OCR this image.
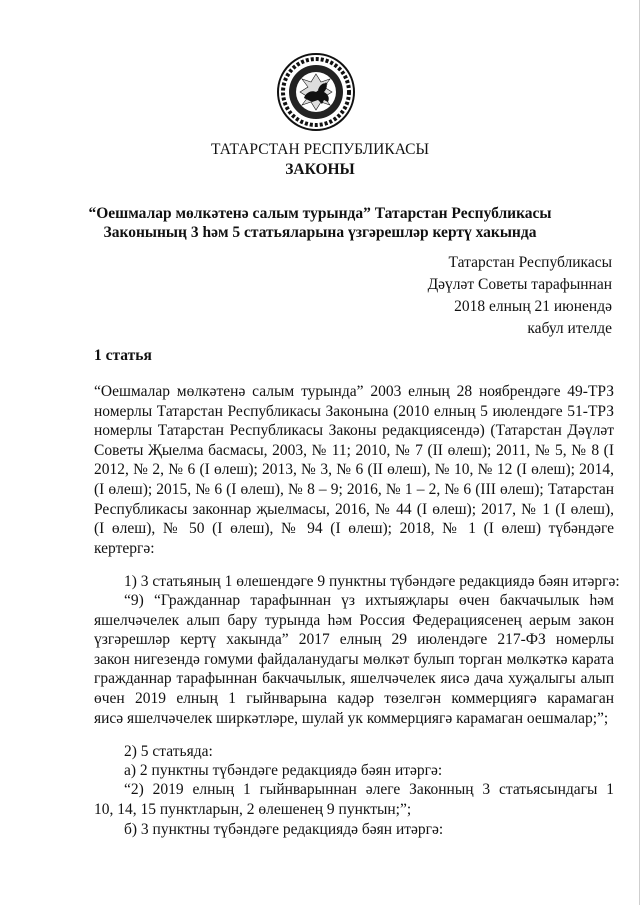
ТАТАРСТАН РЕСПУБЛИКАСЫ
ЗАКОНЫ
“Оешмалар мөлкәтенә салым турында” Татарстан Республикасы
Законының 3 һәм 5 статьяларына үзгәрешләр кертү хакында
Татарстан Республикасы
Дәүләт Советы тарафыннан
2018 елның 21 июнендә
кабул ителде
1 статья
“Оешмалар мөлкәтенә салым турында” 2003 елның 28 ноябрендәге 49-ТРЗ
номерлы Татарстан Республикасы Законына (2010 елның 5 июлендәге 51-ТРЗ
номерлы Татарстан Республикасы Законы редакциясендә) (Татарстан Дәүләт
Советы Җыелма басмасы, 2003, № 11; 2010, № 7 (II өлеш); 2011, № 5, № 8 (I
2012, № 2, № 6 (I өлеш); 2013, № 3, № 6 (II өлеш), № 10, № 12 (I өлеш); 2014,
(I өлеш); 2015, № 6 (I өлеш), № 8 – 9; 2016, № 1 – 2, № 6 (III өлеш); Татарстан
Республикасы законнар җыелмасы, 2016, № 44 (I өлеш); 2017, № 1 (I өлеш),
(I өлеш), № 50 (I өлеш), № 94 (I өлеш); 2018, № 1 (I өлеш) түбәндәге
кертергә:
1) 3 статьяның 1 өлешендәге 9 пунктны түбәндәге редакциядә бәян итәргә:
“9) “Гражданнар тарафыннан үз ихтыяҗлары өчен бакчачылык һәм
яшелчәчелек алып бару турында һәм Россия Федерациясенең аерым закон
үзгәрешләр кертү хакында” 2017 елның 29 июлендәге 217-ФЗ номерлы
закон нигезендә гомуми файдаланудагы мөлкәт булып торган мөлкәткә карата
гражданнар тарафыннан бакчачылык, яшелчәчелек яисә дача хуҗалыгы алып
өчен 2019 елның 1 гыйнварына кадәр төзелгән коммерциягә карамаган
яисә яшелчәчелек ширкәтләре, шулай ук коммерциягә карамаган оешмалар;”;
2) 5 статьяда:
а) 2 пунктны түбәндәге редакциядә бәян итәргә:
“2) 2019 елның 1 гыйнварыннан әлеге Законның 3 статьясындагы 1
10, 14, 15 пунктларын, 2 өлешенең 9 пунктын;”;
б) 3 пунктны түбәндәге редакциядә бәян итәргә:
